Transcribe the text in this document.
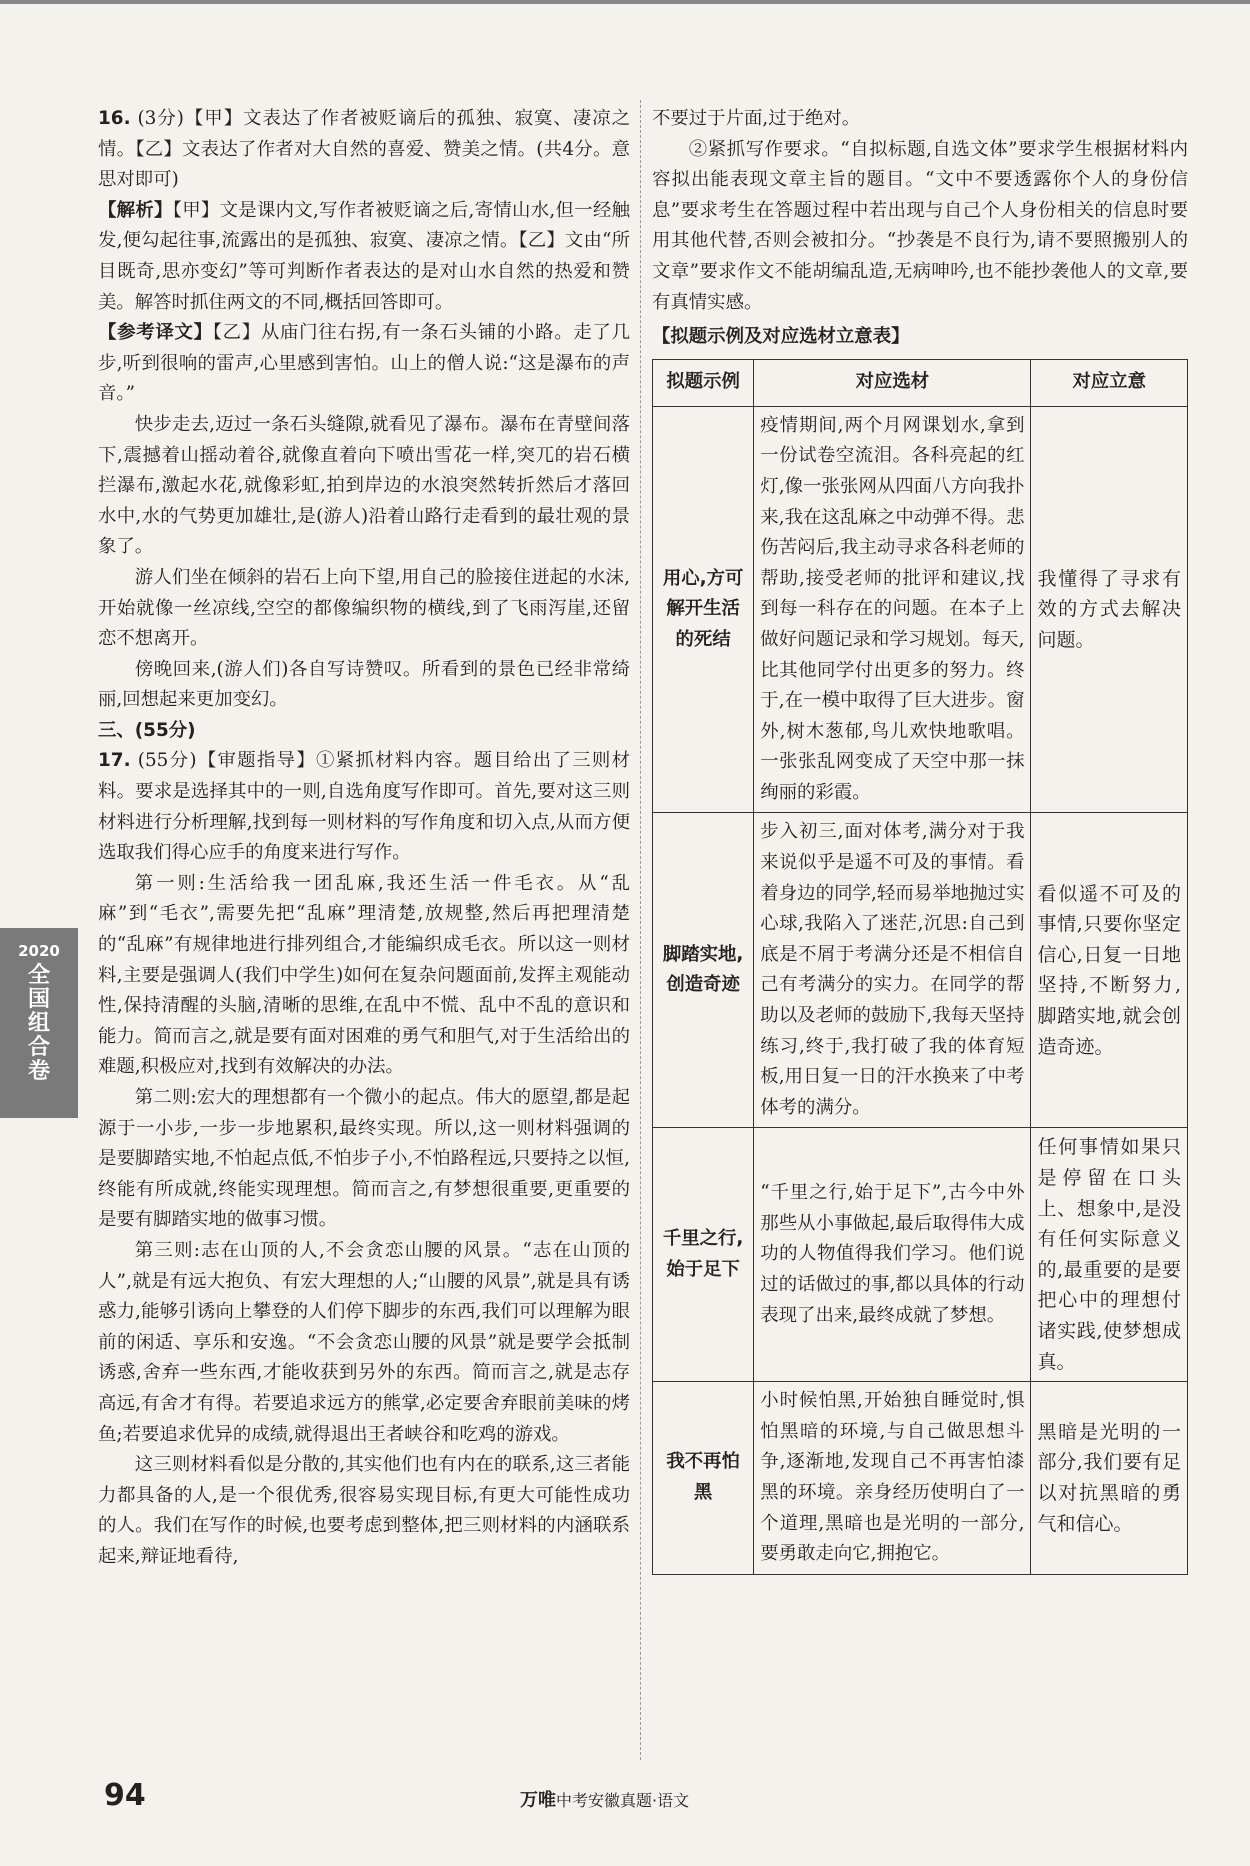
16. (3分)【甲】文表达了作者被贬谪后的孤独、寂寞、凄凉之情。【乙】文表达了作者对大自然的喜爱、赞美之情。(共4分。意思对即可)

【解析】【甲】文是课内文,写作者被贬谪之后,寄情山水,但一经触发,便勾起往事,流露出的是孤独、寂寞、凄凉之情。【乙】文由“所目既奇,思亦变幻”等可判断作者表达的是对山水自然的热爱和赞美。解答时抓住两文的不同,概括回答即可。

【参考译文】【乙】从庙门往右拐,有一条石头铺的小路。走了几步,听到很响的雷声,心里感到害怕。山上的僧人说:“这是瀑布的声音。”

快步走去,迈过一条石头缝隙,就看见了瀑布。瀑布在青壁间落下,震撼着山摇动着谷,就像直着向下喷出雪花一样,突兀的岩石横拦瀑布,激起水花,就像彩虹,拍到岸边的水浪突然转折然后才落回水中,水的气势更加雄壮,是(游人)沿着山路行走看到的最壮观的景象了。

游人们坐在倾斜的岩石上向下望,用自己的脸接住迸起的水沫,开始就像一丝凉线,空空的都像编织物的横线,到了飞雨泻崖,还留恋不想离开。

傍晚回来,(游人们)各自写诗赞叹。所看到的景色已经非常绮丽,回想起来更加变幻。

三、(55分)

17. (55分)【审题指导】①紧抓材料内容。题目给出了三则材料。要求是选择其中的一则,自选角度写作即可。首先,要对这三则材料进行分析理解,找到每一则材料的写作角度和切入点,从而方便选取我们得心应手的角度来进行写作。

第一则:生活给我一团乱麻,我还生活一件毛衣。从“乱麻”到“毛衣”,需要先把“乱麻”理清楚,放规整,然后再把理清楚的“乱麻”有规律地进行排列组合,才能编织成毛衣。所以这一则材料,主要是强调人(我们中学生)如何在复杂问题面前,发挥主观能动性,保持清醒的头脑,清晰的思维,在乱中不慌、乱中不乱的意识和能力。简而言之,就是要有面对困难的勇气和胆气,对于生活给出的难题,积极应对,找到有效解决的办法。

第二则:宏大的理想都有一个微小的起点。伟大的愿望,都是起源于一小步,一步一步地累积,最终实现。所以,这一则材料强调的是要脚踏实地,不怕起点低,不怕步子小,不怕路程远,只要持之以恒,终能有所成就,终能实现理想。简而言之,有梦想很重要,更重要的是要有脚踏实地的做事习惯。

第三则:志在山顶的人,不会贪恋山腰的风景。“志在山顶的人”,就是有远大抱负、有宏大理想的人;“山腰的风景”,就是具有诱惑力,能够引诱向上攀登的人们停下脚步的东西,我们可以理解为眼前的闲适、享乐和安逸。“不会贪恋山腰的风景”就是要学会抵制诱惑,舍弃一些东西,才能收获到另外的东西。简而言之,就是志存高远,有舍才有得。若要追求远方的熊掌,必定要舍弃眼前美味的烤鱼;若要追求优异的成绩,就得退出王者峡谷和吃鸡的游戏。

这三则材料看似是分散的,其实他们也有内在的联系,这三者能力都具备的人,是一个很优秀,很容易实现目标,有更大可能性成功的人。我们在写作的时候,也要考虑到整体,把三则材料的内涵联系起来,辩证地看待,

不要过于片面,过于绝对。

②紧抓写作要求。“自拟标题,自选文体”要求学生根据材料内容拟出能表现文章主旨的题目。“文中不要透露你个人的身份信息”要求考生在答题过程中若出现与自己个人身份相关的信息时要用其他代替,否则会被扣分。“抄袭是不良行为,请不要照搬别人的文章”要求作文不能胡编乱造,无病呻吟,也不能抄袭他人的文章,要有真情实感。

【拟题示例及对应选材立意表】
拟题示例	对应选材	对应立意
用心,方可解开生活的死结	疫情期间,两个月网课划水,拿到一份试卷空流泪。各科亮起的红灯,像一张张网从四面八方向我扑来,我在这乱麻之中动弹不得。悲伤苦闷后,我主动寻求各科老师的帮助,接受老师的批评和建议,找到每一科存在的问题。在本子上做好问题记录和学习规划。每天,比其他同学付出更多的努力。终于,在一模中取得了巨大进步。窗外,树木葱郁,鸟儿欢快地歌唱。一张张乱网变成了天空中那一抹绚丽的彩霞。	我懂得了寻求有效的方式去解决问题。
脚踏实地,创造奇迹	步入初三,面对体考,满分对于我来说似乎是遥不可及的事情。看着身边的同学,轻而易举地抛过实心球,我陷入了迷茫,沉思:自己到底是不屑于考满分还是不相信自己有考满分的实力。在同学的帮助以及老师的鼓励下,我每天坚持练习,终于,我打破了我的体育短板,用日复一日的汗水换来了中考体考的满分。	看似遥不可及的事情,只要你坚定信心,日复一日地坚持,不断努力,脚踏实地,就会创造奇迹。
千里之行,始于足下	“千里之行,始于足下”,古今中外那些从小事做起,最后取得伟大成功的人物值得我们学习。他们说过的话做过的事,都以具体的行动表现了出来,最终成就了梦想。	任何事情如果只是停留在口头上、想象中,是没有任何实际意义的,最重要的是要把心中的理想付诸实践,使梦想成真。
我不再怕黑	小时候怕黑,开始独自睡觉时,惧怕黑暗的环境,与自己做思想斗争,逐渐地,发现自己不再害怕漆黑的环境。亲身经历使明白了一个道理,黑暗也是光明的一部分,要勇敢走向它,拥抱它。	黑暗是光明的一部分,我们要有足以对抗黑暗的勇气和信心。
2020
全国组合卷
94	万唯中考安徽真题·语文
